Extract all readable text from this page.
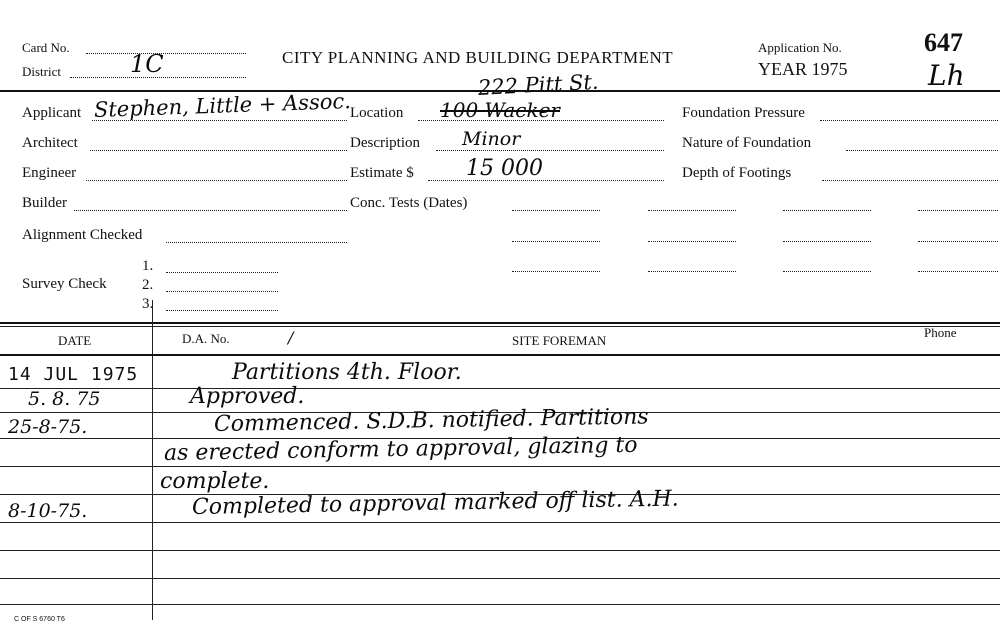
Card No.
District	1C	CITY PLANNING AND BUILDING DEPARTMENT
Application No.
YEAR 1975
647
Lh
Applicant Stephen, Little + Assoc.
Architect
Engineer
Builder
Alignment Checked
Survey Check
1.
2.
3.
Location 100 Wacker
222 Pitt St.
Description Minor
Estimate $ 15 000
Conc. Tests (Dates)
Foundation Pressure
Nature of Foundation
Depth of Footings
DATE	D.A. No.	/	SITE FOREMAN
Phone
14 JUL 1975	Partitions 4th. Floor.
5. 8. 75	Approved.
25-8-75.	Commenced. S.D.B. notified. Partitions
as erected conform to approval, glazing to
complete.
8-10-75.	Completed to approval marked off list. A.H.
C OF S 6760 T6
